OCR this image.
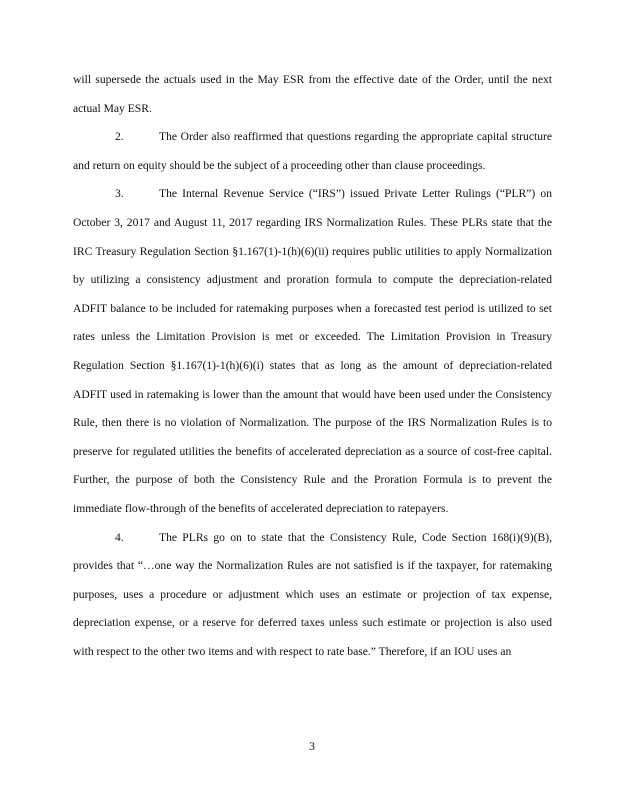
will supersede the actuals used in the May ESR from the effective date of the Order, until the next actual May ESR.

2.	The Order also reaffirmed that questions regarding the appropriate capital structure and return on equity should be the subject of a proceeding other than clause proceedings.

3.	The Internal Revenue Service (“IRS”) issued Private Letter Rulings (“PLR”) on October 3, 2017 and August 11, 2017 regarding IRS Normalization Rules. These PLRs state that the IRC Treasury Regulation Section §1.167(1)-1(h)(6)(ii) requires public utilities to apply Normalization by utilizing a consistency adjustment and proration formula to compute the depreciation-related ADFIT balance to be included for ratemaking purposes when a forecasted test period is utilized to set rates unless the Limitation Provision is met or exceeded. The Limitation Provision in Treasury Regulation Section §1.167(1)-1(h)(6)(i) states that as long as the amount of depreciation-related ADFIT used in ratemaking is lower than the amount that would have been used under the Consistency Rule, then there is no violation of Normalization. The purpose of the IRS Normalization Rules is to preserve for regulated utilities the benefits of accelerated depreciation as a source of cost-free capital. Further, the purpose of both the Consistency Rule and the Proration Formula is to prevent the immediate flow-through of the benefits of accelerated depreciation to ratepayers.

4.	The PLRs go on to state that the Consistency Rule, Code Section 168(i)(9)(B), provides that “…one way the Normalization Rules are not satisfied is if the taxpayer, for ratemaking purposes, uses a procedure or adjustment which uses an estimate or projection of tax expense, depreciation expense, or a reserve for deferred taxes unless such estimate or projection is also used with respect to the other two items and with respect to rate base.” Therefore, if an IOU uses an

3
